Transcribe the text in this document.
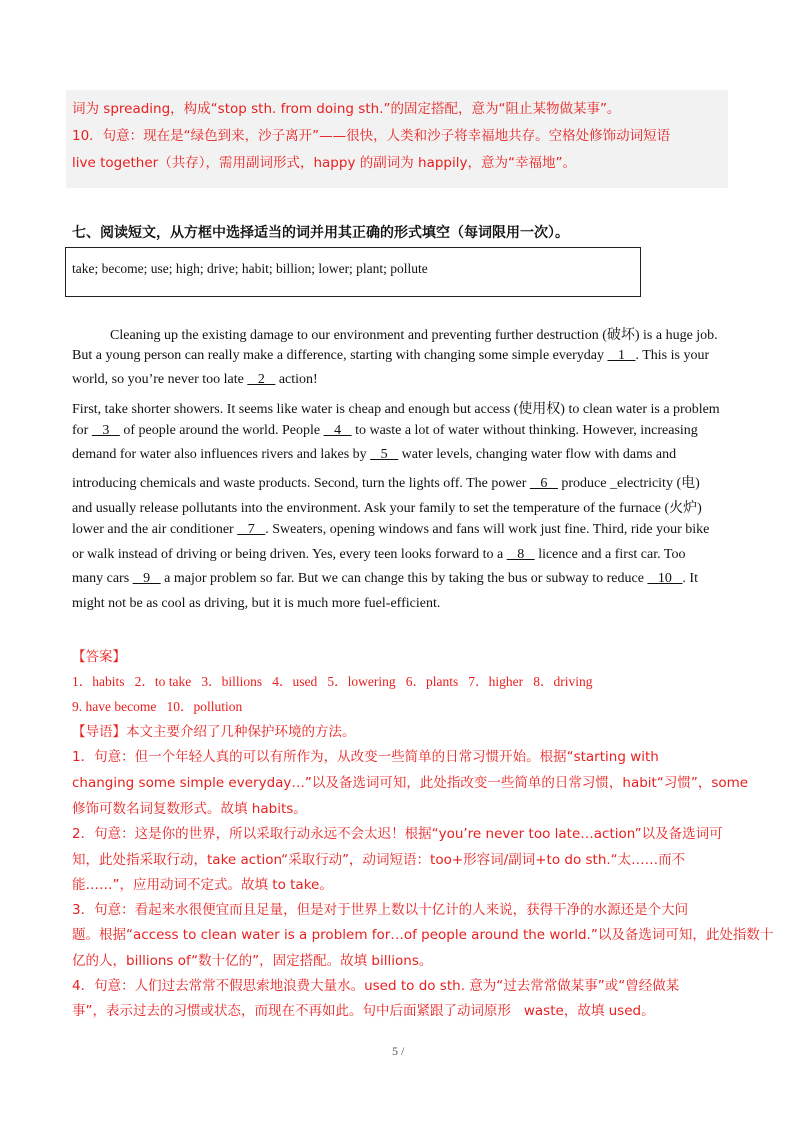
词为 spreading，构成“stop sth. from doing sth.”的固定搭配，意为“阻止某物做某事”。
10．句意：现在是“绿色到来，沙子离开”——很快，人类和沙子将幸福地共存。空格处修饰动词短语
live together（共存），需用副词形式，happy 的副词为 happily，意为“幸福地”。
七、阅读短文，从方框中选择适当的词并用其正确的形式填空（每词限用一次）。
take; become; use; high; drive; habit; billion; lower; plant; pollute
Cleaning up the existing damage to our environment and preventing further destruction (破坏) is a huge job.
But a young person can really make a difference, starting with changing some simple everyday    1   . This is your
world, so you’re never too late    2    action!
First, take shorter showers. It seems like water is cheap and enough but access (使用权) to clean water is a problem
for    3    of people around the world. People    4    to waste a lot of water without thinking. However, increasing
demand for water also influences rivers and lakes by    5    water levels, changing water flow with dams and
introducing chemicals and waste products. Second, turn the lights off. The power    6    produce _electricity (电)
and usually release pollutants into the environment. Ask your family to set the temperature of the furnace (火炉)
lower and the air conditioner    7   . Sweaters, opening windows and fans will work just fine. Third, ride your bike
or walk instead of driving or being driven. Yes, every teen looks forward to a    8    licence and a first car. Too
many cars    9    a major problem so far. But we can change this by taking the bus or subway to reduce    10   . It
might not be as cool as driving, but it is much more fuel-efficient.
【答案】
1．habits   2．to take   3．billions   4．used   5．lowering   6．plants   7．higher   8．driving
9. have become   10．pollution
【导语】本文主要介绍了几种保护环境的方法。
1．句意：但一个年轻人真的可以有所作为，从改变一些简单的日常习惯开始。根据“starting with
changing some simple everyday…”以及备选词可知，此处指改变一些简单的日常习惯，habit“习惯”，some
修饰可数名词复数形式。故填 habits。
2．句意：这是你的世界，所以采取行动永远不会太迟！根据“you’re never too late…action”以及备选词可
知，此处指采取行动，take action“采取行动”，动词短语：too+形容词/副词+to do sth.“太……而不
能……”，应用动词不定式。故填 to take。
3．句意：看起来水很便宜而且足量，但是对于世界上数以十亿计的人来说，获得干净的水源还是个大问
题。根据“access to clean water is a problem for…of people around the world.”以及备选词可知，此处指数十
亿的人，billions of“数十亿的”，固定搭配。故填 billions。
4．句意：人们过去常常不假思索地浪费大量水。used to do sth. 意为“过去常常做某事”或“曾经做某
事”，表示过去的习惯或状态，而现在不再如此。句中后面紧跟了动词原形   waste，故填 used。
5 /
